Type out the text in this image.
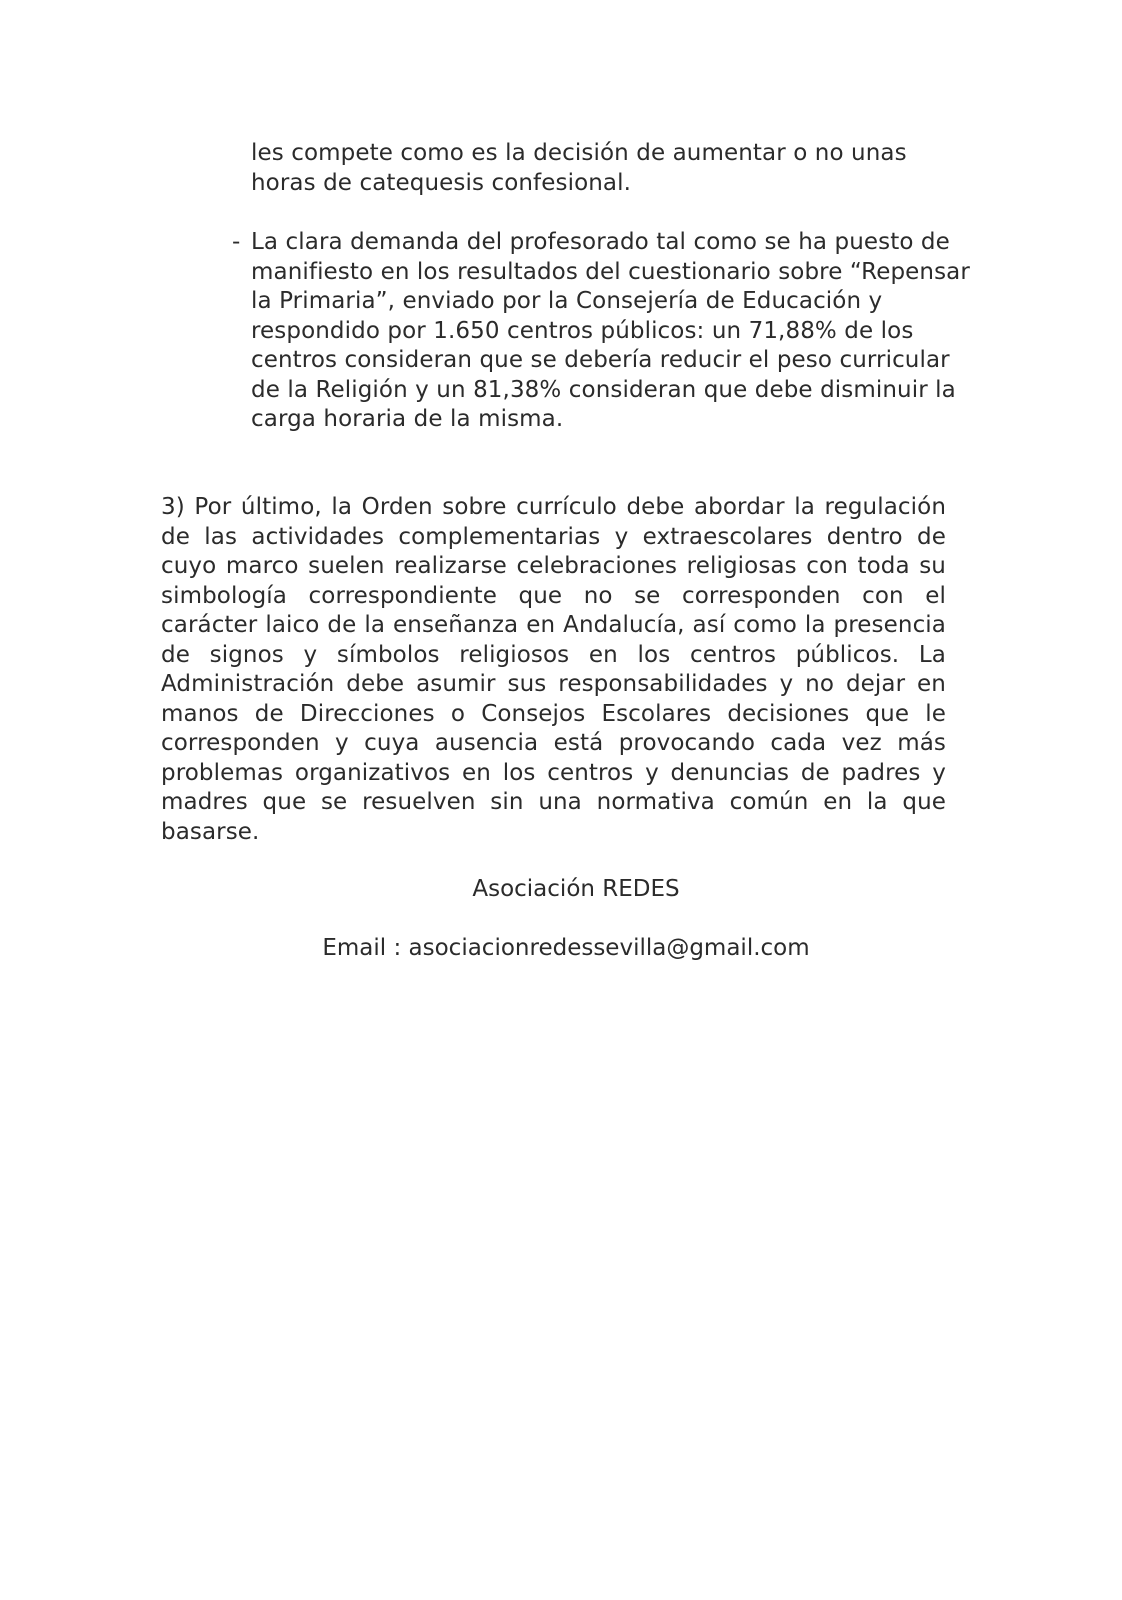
les compete como es la decisión de aumentar o no unas horas de catequesis confesional.

- La clara demanda del profesorado tal como se ha puesto de manifiesto en los resultados del cuestionario sobre “Repensar la Primaria”, enviado por la Consejería de Educación y respondido por 1.650 centros públicos: un 71,88% de los centros consideran que se debería reducir el peso curricular de la Religión y un 81,38% consideran que debe disminuir la carga horaria de la misma.

3) Por último, la Orden sobre currículo debe abordar la regulación de las actividades complementarias y extraescolares dentro de cuyo marco suelen realizarse celebraciones religiosas con toda su simbología correspondiente que no se corresponden con el carácter laico de la enseñanza en Andalucía, así como la presencia de signos y símbolos religiosos en los centros públicos. La Administración debe asumir sus responsabilidades y no dejar en manos de Direcciones o Consejos Escolares decisiones que le corresponden y cuya ausencia está provocando cada vez más problemas organizativos en los centros y denuncias de padres y madres que se resuelven sin una normativa común en la que basarse.

Asociación REDES

Email : asociacionredessevilla@gmail.com
